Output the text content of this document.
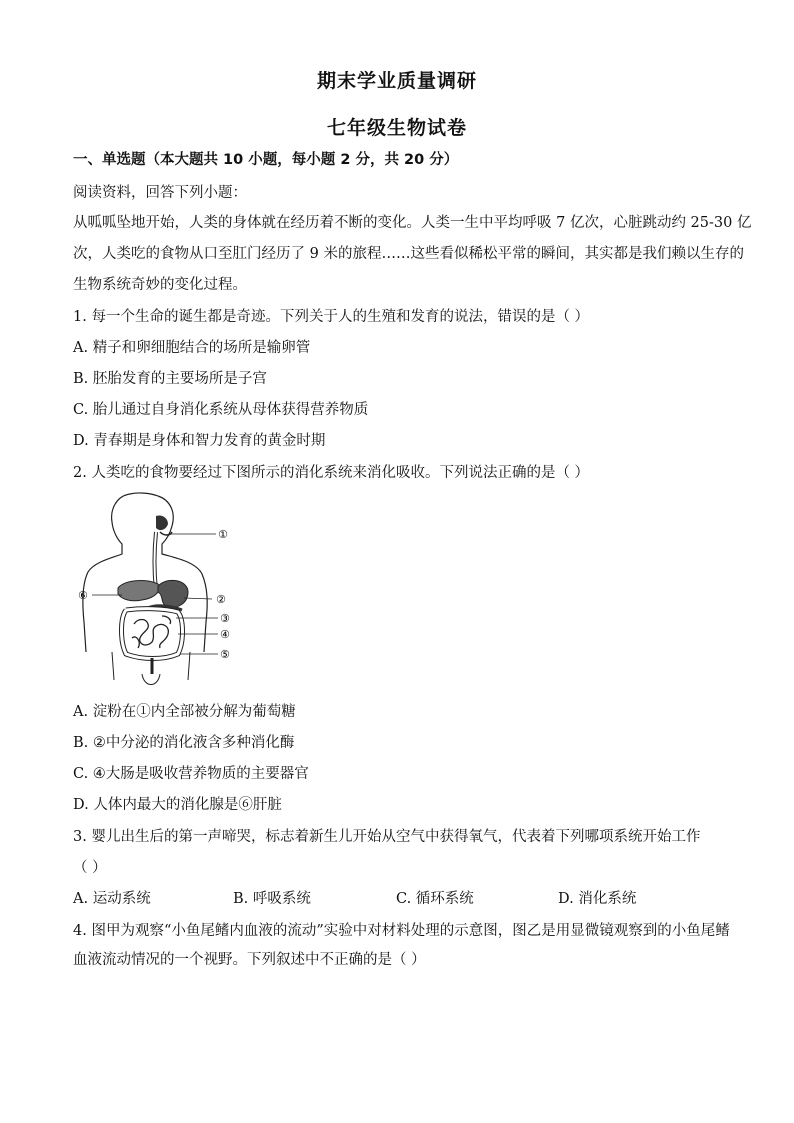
期末学业质量调研
七年级生物试卷
一、单选题（本大题共 10 小题，每小题 2 分，共 20 分）
阅读资料，回答下列小题：
从呱呱坠地开始，人类的身体就在经历着不断的变化。人类一生中平均呼吸 7 亿次，心脏跳动约 25-30 亿
次，人类吃的食物从口至肛门经历了 9 米的旅程……这些看似稀松平常的瞬间，其实都是我们赖以生存的
生物系统奇妙的变化过程。
1. 每一个生命的诞生都是奇迹。下列关于人的生殖和发育的说法，错误的是（ ）
A. 精子和卵细胞结合的场所是输卵管
B. 胚胎发育的主要场所是子宫
C. 胎儿通过自身消化系统从母体获得营养物质
D. 青春期是身体和智力发育的黄金时期
2. 人类吃的食物要经过下图所示的消化系统来消化吸收。下列说法正确的是（ ）
①
②
③
④
⑤
⑥
A. 淀粉在①内全部被分解为葡萄糖
B. ②中分泌的消化液含多种消化酶
C. ④大肠是吸收营养物质的主要器官
D. 人体内最大的消化腺是⑥肝脏
3. 婴儿出生后的第一声啼哭，标志着新生儿开始从空气中获得氧气，代表着下列哪项系统开始工作
（ ）
A. 运动系统	B. 呼吸系统	C. 循环系统	D. 消化系统
4. 图甲为观察“小鱼尾鳍内血液的流动”实验中对材料处理的示意图，图乙是用显微镜观察到的小鱼尾鳍
血液流动情况的一个视野。下列叙述中不正确的是（ ）
